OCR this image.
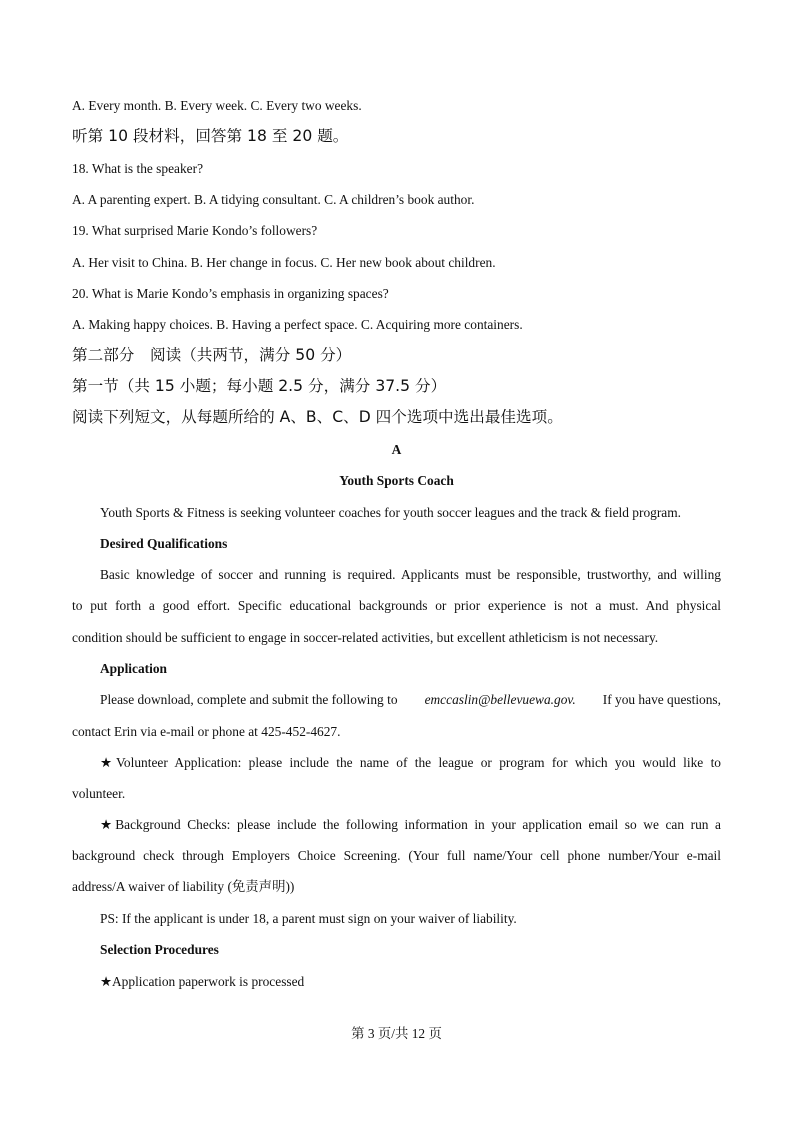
A. Every month. B. Every week. C. Every two weeks.
听第 10 段材料，回答第 18 至 20 题。
18. What is the speaker?
A. A parenting expert. B. A tidying consultant. C. A children’s book author.
19. What surprised Marie Kondo’s followers?
A. Her visit to China. B. Her change in focus. C. Her new book about children.
20. What is Marie Kondo’s emphasis in organizing spaces?
A. Making happy choices. B. Having a perfect space. C. Acquiring more containers.
第二部分　阅读（共两节，满分 50 分）
第一节（共 15 小题；每小题 2.5 分，满分 37.5 分）
阅读下列短文，从每题所给的 A、B、C、D 四个选项中选出最佳选项。
A
Youth Sports Coach
Youth Sports & Fitness is seeking volunteer coaches for youth soccer leagues and the track & field program.
Desired Qualifications
Basic knowledge of soccer and running is required. Applicants must be responsible, trustworthy, and willing
to put forth a good effort. Specific educational backgrounds or prior experience is not a must. And physical
condition should be sufficient to engage in soccer-related activities, but excellent athleticism is not necessary.
Application
Please download, complete and submit the following to emccaslin@bellevuewa.gov. If you have questions,
contact Erin via e-mail or phone at 425-452-4627.
★Volunteer Application: please include the name of the league or program for which you would like to
volunteer.
★Background Checks: please include the following information in your application email so we can run a
background check through Employers Choice Screening. (Your full name/Your cell phone number/Your e-mail
address/A waiver of liability (免责声明))
PS: If the applicant is under 18, a parent must sign on your waiver of liability.
Selection Procedures
★Application paperwork is processed
第 3 页/共 12 页
